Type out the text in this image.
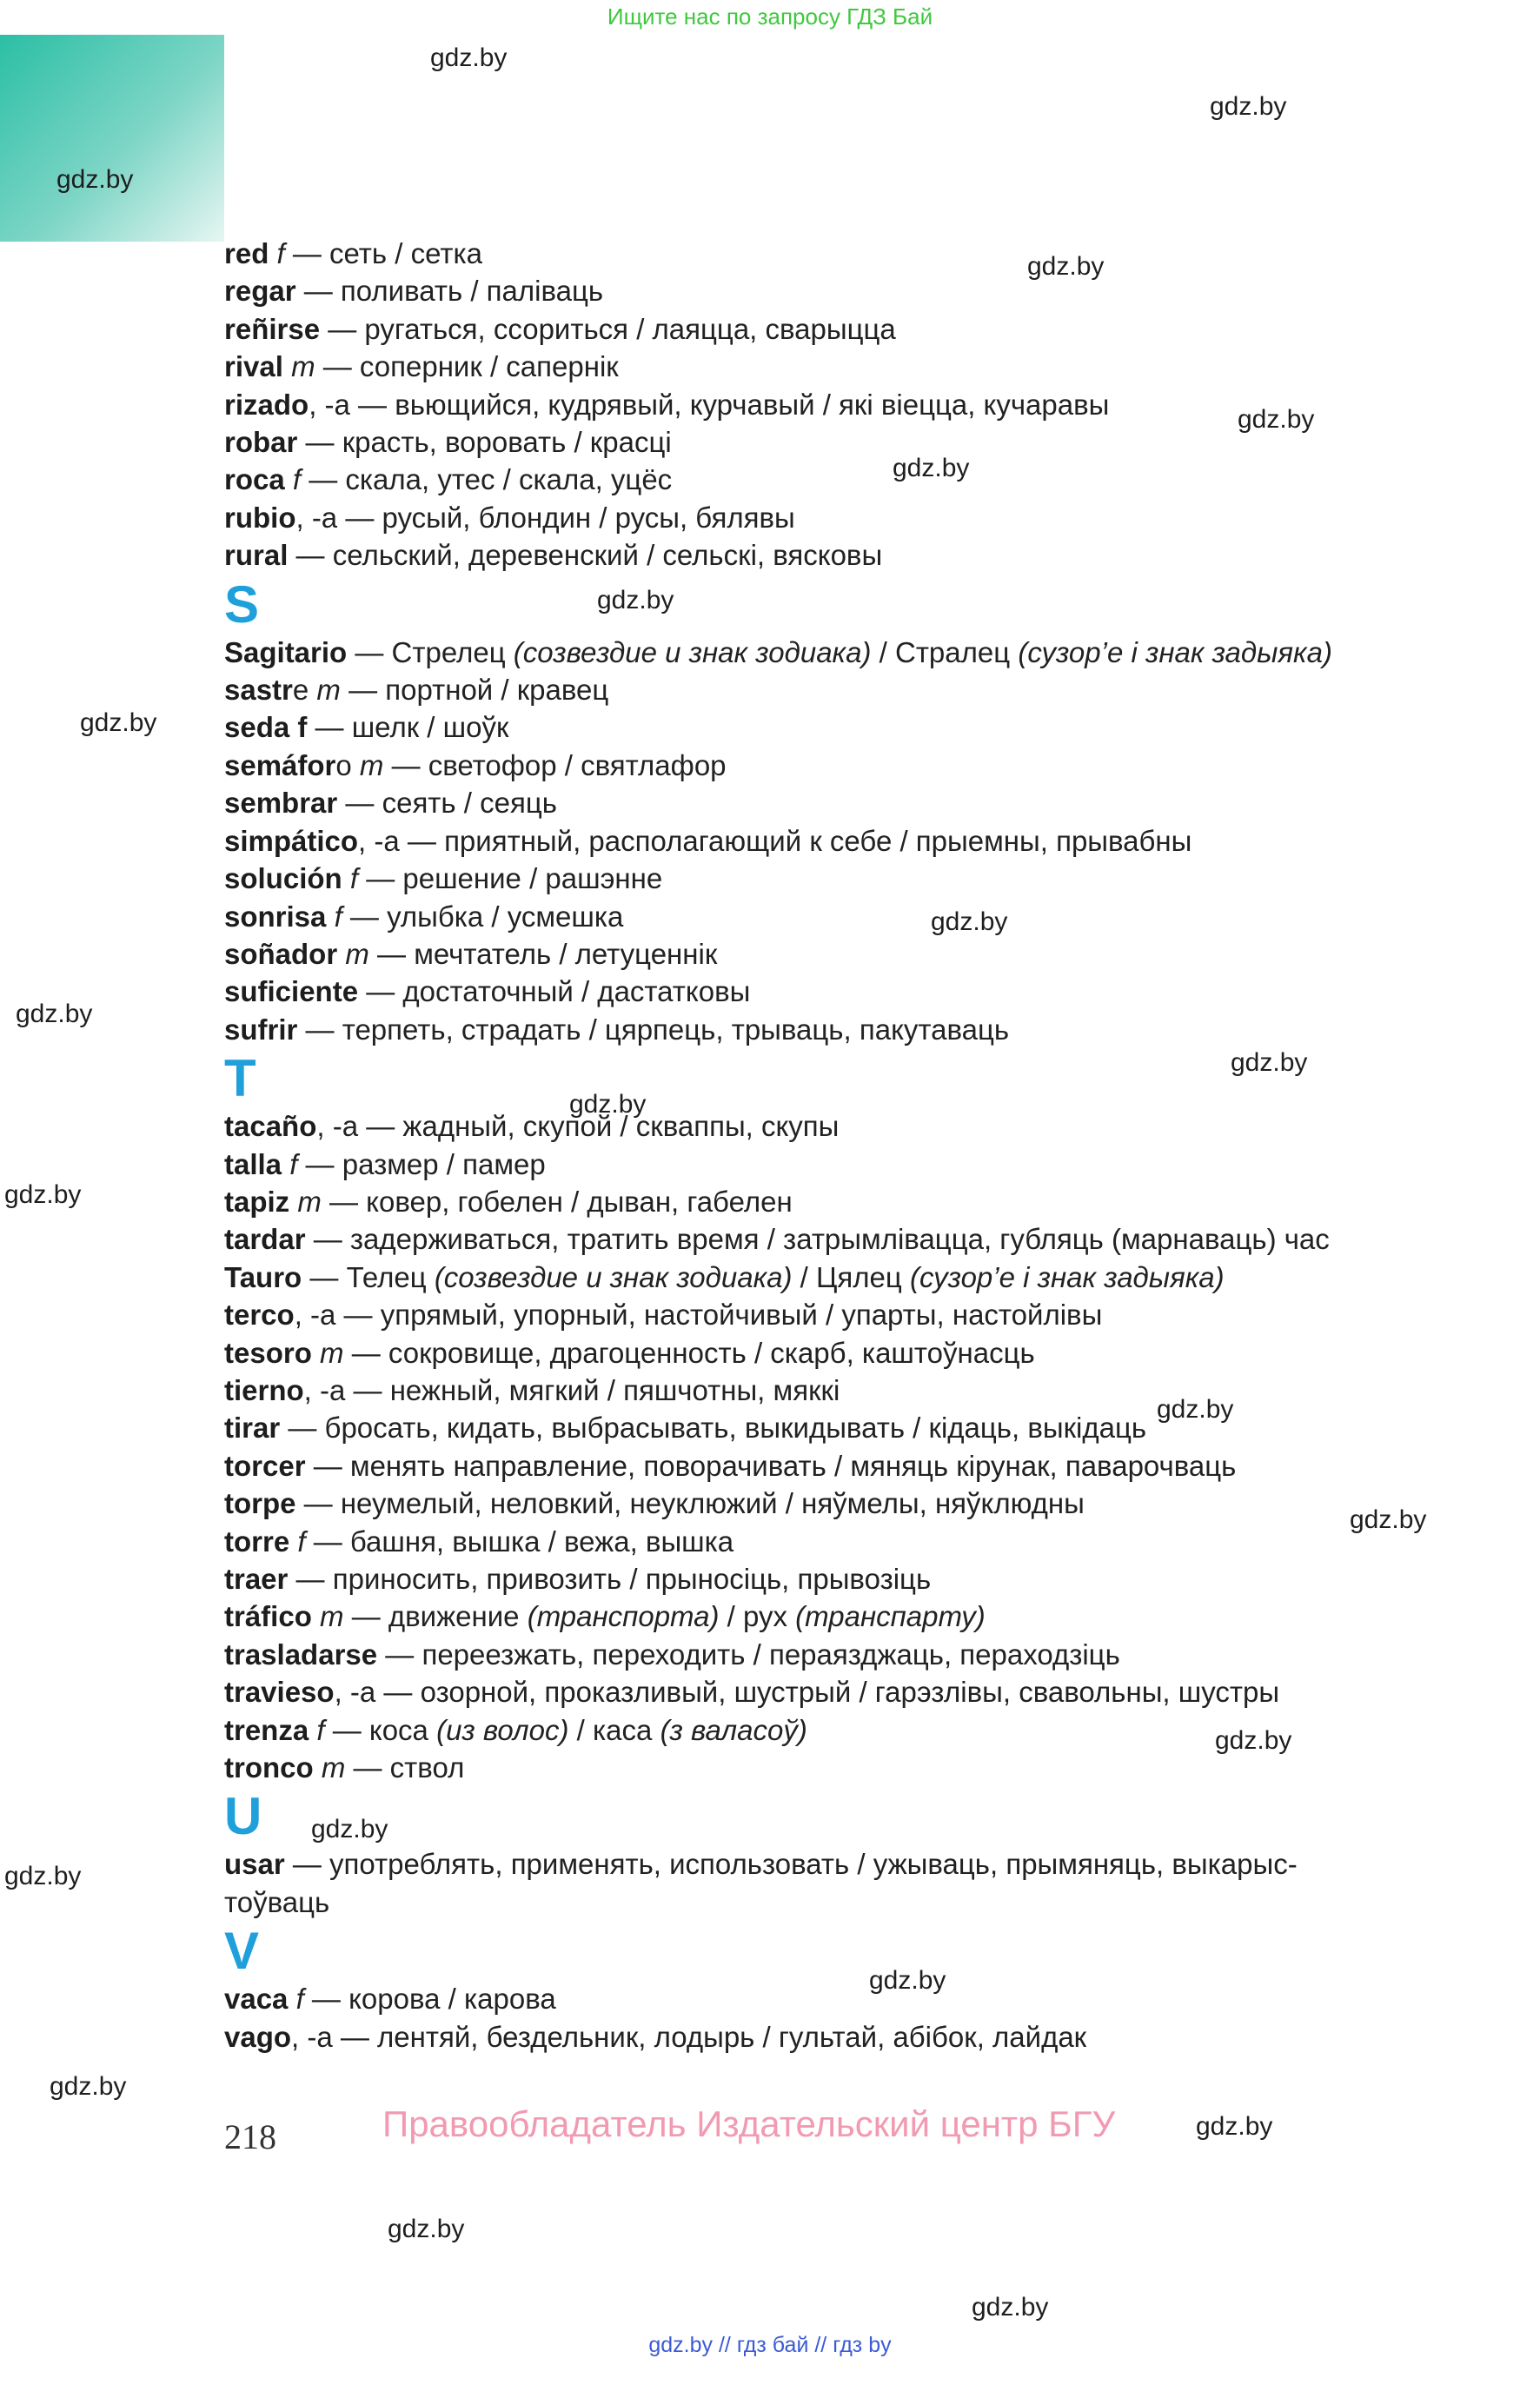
Ищите нас по запросу ГДЗ Бай
gdz.by
gdz.by
gdz.by
gdz.by
gdz.by
gdz.by
gdz.by
gdz.by
gdz.by
gdz.by
gdz.by
gdz.by
gdz.by
gdz.by
gdz.by
gdz.by
gdz.by
gdz.by
gdz.by
gdz.by
gdz.by
gdz.by
gdz.by
red f — сеть / сетка
regar — поливать / палiваць
reñirse — ругаться, ссориться / лаяцца, сварыцца
rival m — соперник / сапернiк
rizado, -a — вьющийся, кудрявый, курчавый / якi вiецца, кучаравы
robar — красть, воровать / красцi
roca f — скала, утес / скала, уцёс
rubio, -a — русый, блондин / русы, бялявы
rural — сельский, деревенский / сельскi, вясковы
S
Sagitario — Стрелец (созвездие и знак зодиака) / Стралец (сузор’е i знак задыяка)
sastre m — портной / кравец
seda f — шелк / шоўк
semáforo m — светофор / святлафор
sembrar — сеять / сеяць
simpático, -a — приятный, располагающий к себе / прыемны, прывабны
solución f — решение / рашэнне
sonrisa f — улыбка / усмешка
soñador m — мечтатель / летуценнiк
suficiente — достаточный / дастатковы
sufrir — терпеть, страдать / цярпець, трываць, пакутаваць
T
tacaño, -a — жадный, скупой / скваппы, скупы
talla f — размер / памер
tapiz m — ковер, гобелен / дыван, габелен
tardar — задерживаться, тратить время / затрымлiвацца, губляць (марнаваць) час
Tauro — Телец (созвездие и знак зодиака) / Цялец (сузор’е i знак задыяка)
terco, -a — упрямый, упорный, настойчивый / упарты, настойлiвы
tesoro m — сокровище, драгоценность / скарб, каштоўнасць
tierno, -a — нежный, мягкий / пяшчотны, мяккi
tirar — бросать, кидать, выбрасывать, выкидывать / кiдаць, выкiдаць
torcer — менять направление, поворачивать / мяняць кiрунак, паварочваць
torpe — неумелый, неловкий, неуклюжий / няўмелы, няўклюдны
torre f — башня, вышка / вежа, вышка
traer — приносить, привозить / прыносiць, прывозiць
tráfico m — движение (транспорта) / рух (транспарту)
trasladarse — переезжать, переходить / пераязджаць, пераходзiць
travieso, -a — озорной, проказливый, шустрый / гарэзлiвы, свавольны, шустры
trenza f — коса (из волос) / каса (з валасоў)
tronco m — ствол
U
usar — употреблять, применять, использовать / ужываць, прымяняць, выкарыс-тоўваць
V
vaca f — корова / карова
vago, -a — лентяй, бездельник, лодырь / гультай, абiбок, лайдак
218	Правообладатель Издательский центр БГУ
gdz.by // гдз бай // гдз by
